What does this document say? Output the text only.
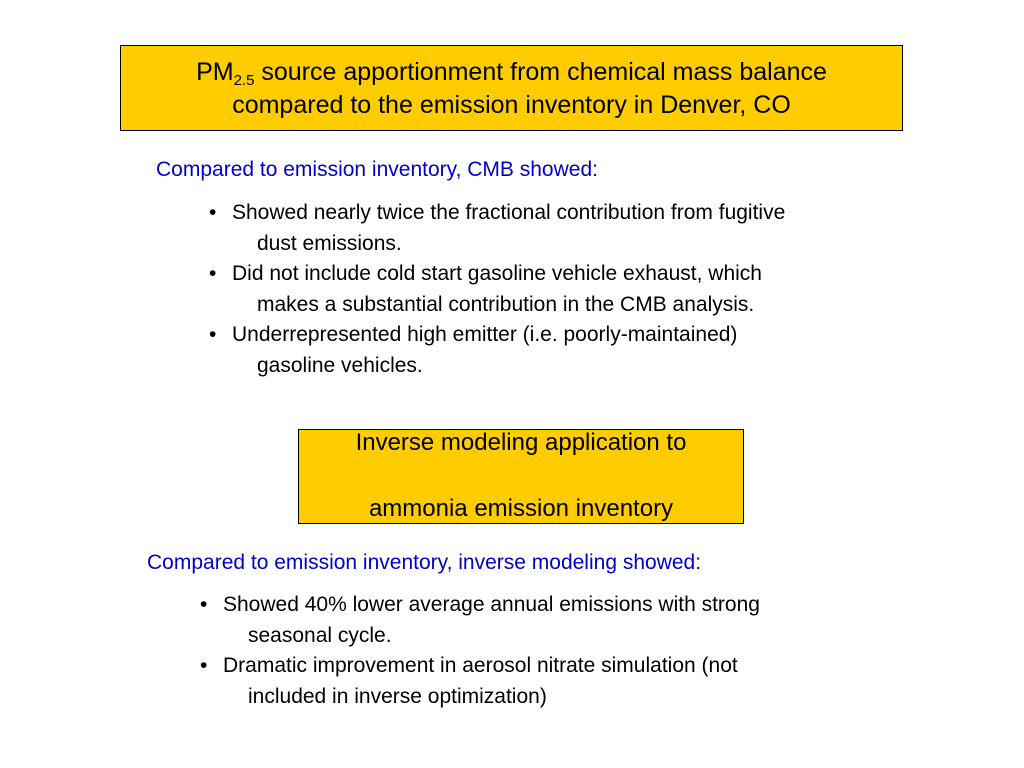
$PM_{2.5}$ source apportionment from chemical mass balance
compared to the emission inventory in Denver, CO
Compared to emission inventory, CMB showed:
• Showed nearly twice the fractional contribution from fugitive
dust emissions.
• Did not include cold start gasoline vehicle exhaust, which
makes a substantial contribution in the CMB analysis.
• Underrepresented high emitter (i.e. poorly-maintained)
gasoline vehicles.
Inverse modeling application to
ammonia emission inventory
Compared to emission inventory, inverse modeling showed:
• Showed 40% lower average annual emissions with strong
seasonal cycle.
• Dramatic improvement in aerosol nitrate simulation (not
included in inverse optimization)
